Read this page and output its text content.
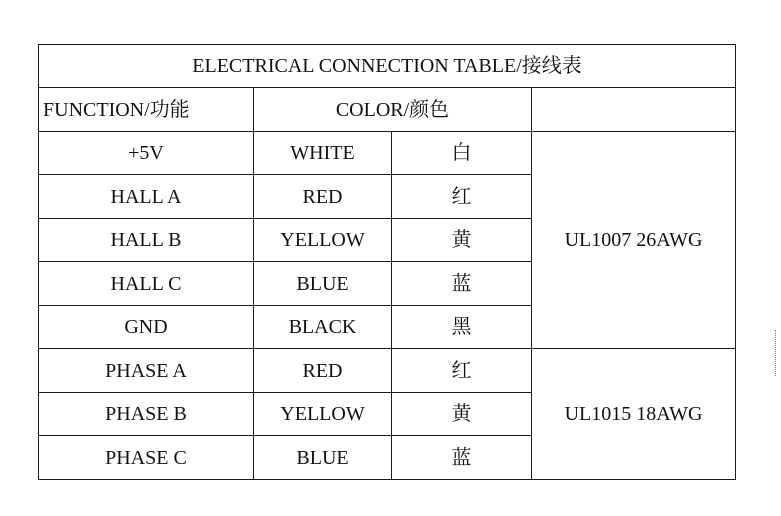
ELECTRICAL CONNECTION TABLE/接线表			
FUNCTION/功能	COLOR/颜色		
+5V	WHITE	白	UL1007 26AWG
HALL A	RED	红	
HALL B	YELLOW	黄	
HALL C	BLUE	蓝	
GND	BLACK	黑	
PHASE A	RED	红	UL1015 18AWG
PHASE B	YELLOW	黄	
PHASE C	BLUE	蓝	
